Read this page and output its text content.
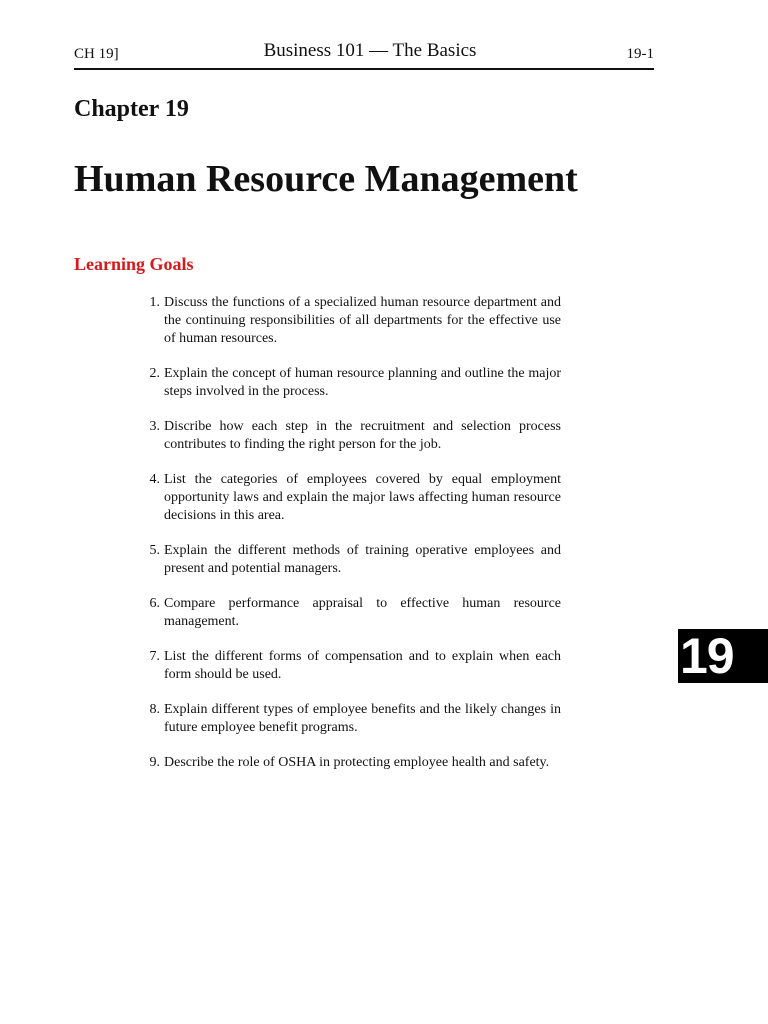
CH 19]	Business 101 — The Basics	19-1
Chapter 19
Human Resource Management
Learning Goals
1. Discuss the functions of a specialized human resource department and the continuing responsibilities of all departments for the effective use of human resources.
2. Explain the concept of human resource planning and outline the major steps involved in the process.
3. Discribe how each step in the recruitment and selection process contributes to finding the right person for the job.
4. List the categories of employees covered by equal employment opportunity laws and explain the major laws affecting human resource decisions in this area.
5. Explain the different methods of training operative employees and present and potential managers.
6. Compare performance appraisal to effective human resource management.
7. List the different forms of compensation and to explain when each form should be used.
8. Explain different types of employee benefits and the likely changes in future employee benefit programs.
9. Describe the role of OSHA in protecting employee health and safety.
19
